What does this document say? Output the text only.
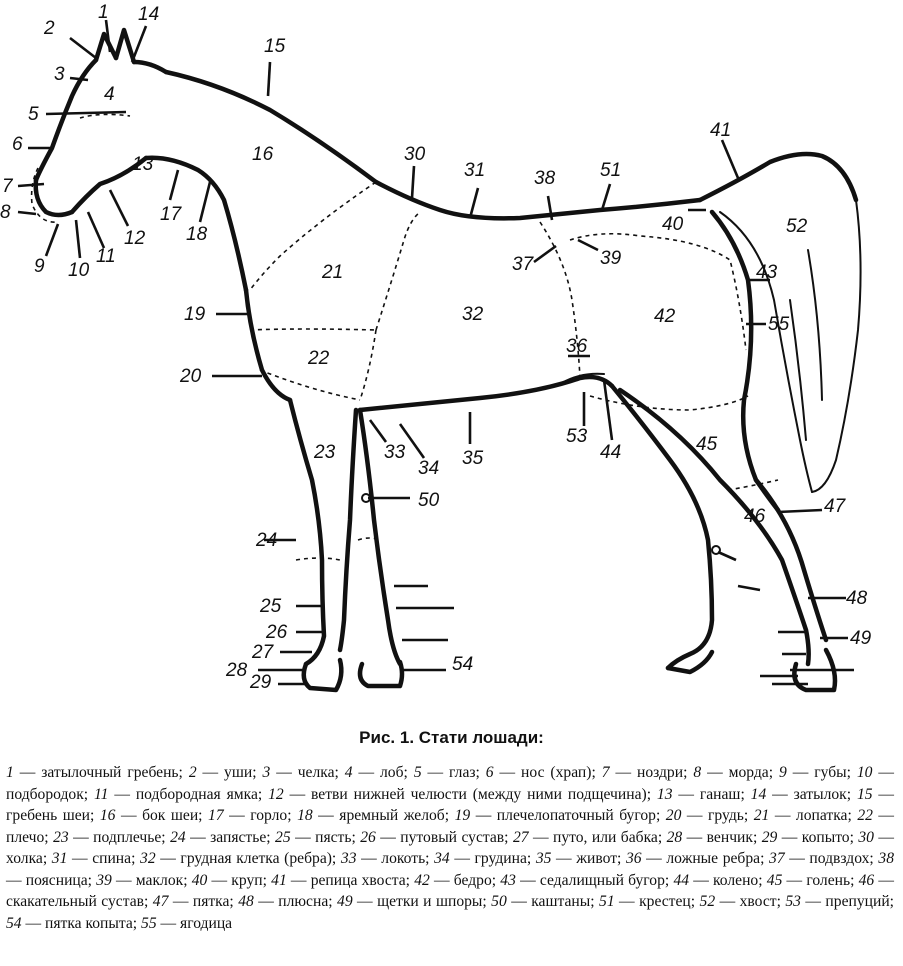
1
2
3
4
5
6
7
8
9 10
11
12
13
14
15
16
17
18
19
20
21
22
23
24
25
26
27
28
29
30
31
32
33
34 35
36
37
38
39
40
41
42
43
44	45
46	47
48
49
50
51
52
53
54
55
Рис. 1. Стати лошади:
1 — затылочный гребень; 2 — уши; 3 — челка; 4 — лоб; 5 — глаз; 6 — нос (храп); 7 — ноздри; 8 — морда; 9 — губы; 10 — подбородок; 11 — подбородная ямка; 12 — ветви нижней челюсти (между ними подщечина); 13 — ганаш; 14 — затылок; 15 — гребень шеи; 16 — бок шеи; 17 — горло; 18 — яремный желоб; 19 — плечелопаточный бугор; 20 — грудь; 21 — лопатка; 22 — плечо; 23 — подплечье; 24 — запястье; 25 — пясть; 26 — путовый сустав; 27 — путо, или бабка; 28 — венчик; 29 — копыто; 30 — холка; 31 — спина; 32 — грудная клетка (ребра); 33 — локоть; 34 — грудина; 35 — живот; 36 — ложные ребра; 37 — подвздох; 38 — поясница; 39 — маклок; 40 — круп; 41 — репица хвоста; 42 — бедро; 43 — седалищный бугор; 44 — колено; 45 — голень; 46 — скакательный сустав; 47 — пятка; 48 — плюсна; 49 — щетки и шпоры; 50 — каштаны; 51 — крестец; 52 — хвост; 53 — препуций; 54 — пятка копыта; 55 — ягодица
